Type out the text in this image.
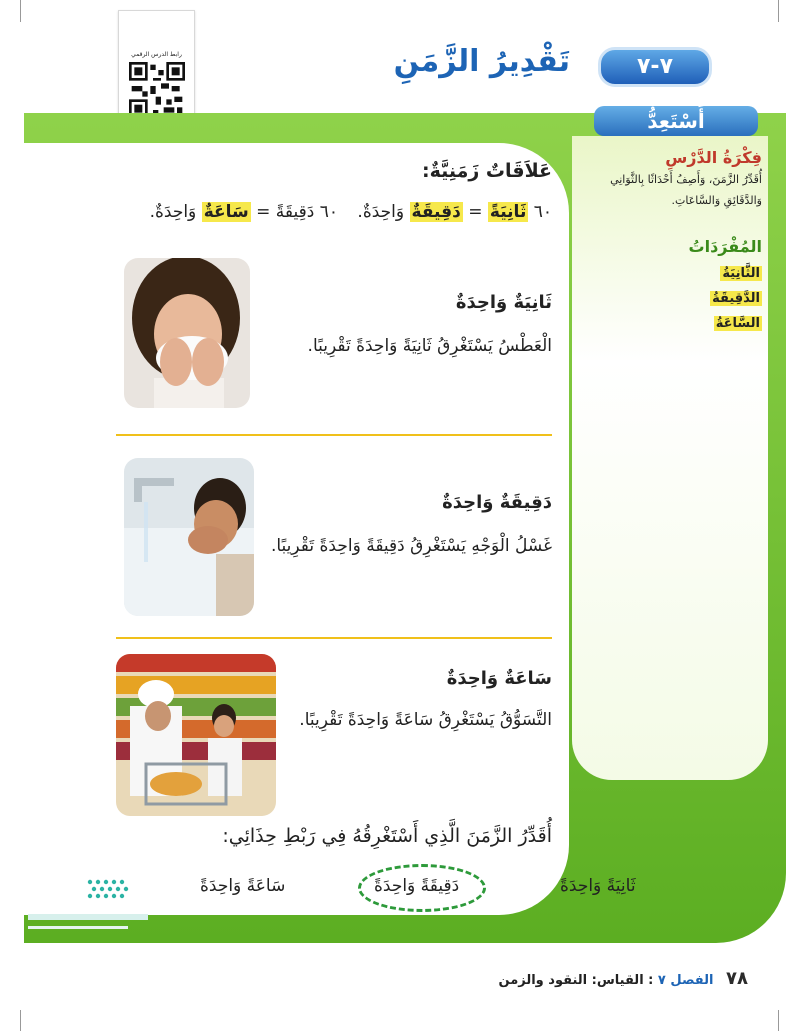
رابط الدرس الرقمي	٧-٧
تَقْدِيرُ الزَّمَنِ
أَسْتَعِدُّ
فِكْرَةُ الدَّرْسِ
أُقَدِّرُ الزَّمَنَ، وَأَصِفُ أَحْدَاثًا بِالثَّوَانِي وَالدَّقَائِقِ وَالسَّاعَاتِ.
المُفْرَدَاتُ
الثَّانِيَةُ
الدَّقِيقَةُ
السَّاعَةُ
عَلاَقَاتٌ زَمَنِيَّةٌ:
٦٠ ثَانِيَةً = دَقِيقَةٌ وَاحِدَةٌ.
٦٠ دَقِيقَةً = سَاعَةٌ وَاحِدَةٌ.
ثَانِيَةٌ وَاحِدَةٌ
الْعَطْسُ يَسْتَغْرِقُ ثَانِيَةً وَاحِدَةً تَقْرِيبًا.
دَقِيقَةٌ وَاحِدَةٌ
غَسْلُ الْوَجْهِ يَسْتَغْرِقُ دَقِيقَةً وَاحِدَةً تَقْرِيبًا.
سَاعَةٌ وَاحِدَةٌ
التَّسَوُّقُ يَسْتَغْرِقُ سَاعَةً وَاحِدَةً تَقْرِيبًا.
أُقَدِّرُ الزَّمَنَ الَّذِي أَسْتَغْرِقُهُ فِي رَبْطِ حِذَائِي:
ثَانِيَةً وَاحِدَةً
دَقِيقَةً وَاحِدَةً
سَاعَةً وَاحِدَةً
٧٨ الفصل ٧ : القياس: النقود والزمن
